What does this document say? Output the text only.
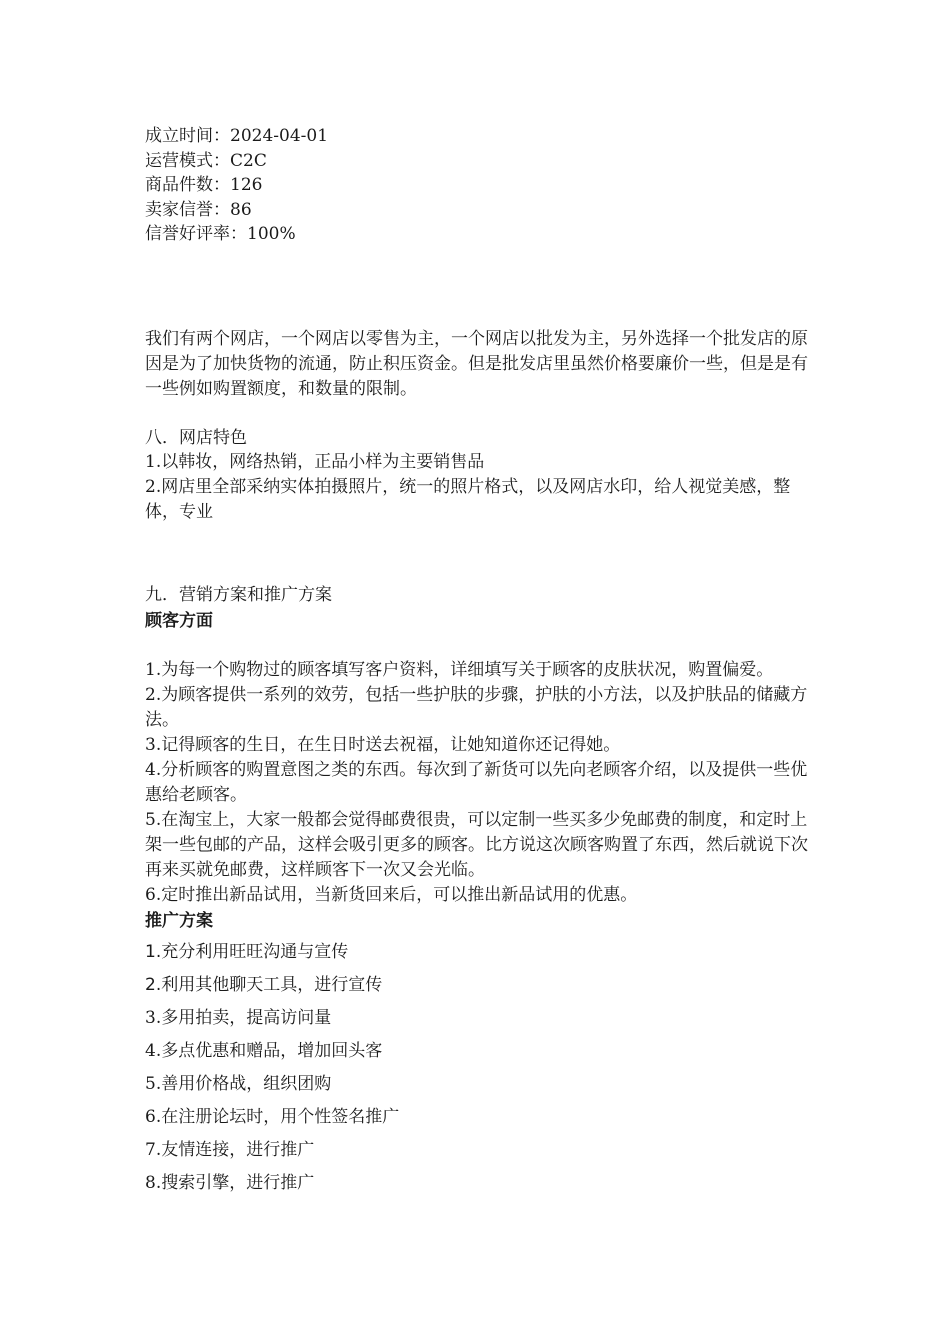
成立时间：2024-04-01
运营模式：C2C
商品件数：126
卖家信誉：86
信誉好评率：100%
我们有两个网店，一个网店以零售为主，一个网店以批发为主，另外选择一个批发店的原因是为了加快货物的流通，防止积压资金。但是批发店里虽然价格要廉价一些，但是是有一些例如购置额度，和数量的限制。
八．网店特色
1.以韩妆，网络热销，正品小样为主要销售品
2.网店里全部采纳实体拍摄照片，统一的照片格式，以及网店水印，给人视觉美感，整体，专业
九．营销方案和推广方案
顾客方面
1.为每一个购物过的顾客填写客户资料，详细填写关于顾客的皮肤状况，购置偏爱。
2.为顾客提供一系列的效劳，包括一些护肤的步骤，护肤的小方法，以及护肤品的储藏方法。
3.记得顾客的生日，在生日时送去祝福，让她知道你还记得她。
4.分析顾客的购置意图之类的东西。每次到了新货可以先向老顾客介绍，以及提供一些优惠给老顾客。
5.在淘宝上，大家一般都会觉得邮费很贵，可以定制一些买多少免邮费的制度，和定时上架一些包邮的产品，这样会吸引更多的顾客。比方说这次顾客购置了东西，然后就说下次再来买就免邮费，这样顾客下一次又会光临。
6.定时推出新品试用，当新货回来后，可以推出新品试用的优惠。
推广方案
1.充分利用旺旺沟通与宣传
2.利用其他聊天工具，进行宣传
3.多用拍卖，提高访问量
4.多点优惠和赠品，增加回头客
5.善用价格战，组织团购
6.在注册论坛时，用个性签名推广
7.友情连接，进行推广
8.搜索引擎，进行推广
